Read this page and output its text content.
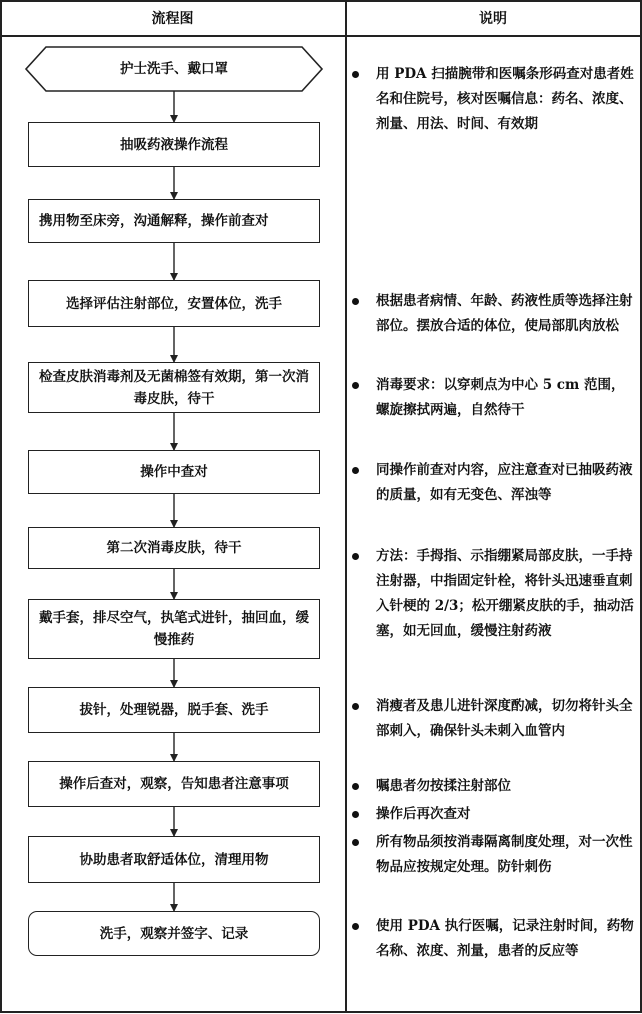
流程图	说明
护士洗手、戴口罩
抽吸药液操作流程
携用物至床旁，沟通解释，操作前查对
选择评估注射部位，安置体位，洗手
检查皮肤消毒剂及无菌棉签有效期，第一次消毒皮肤，待干
操作中查对
第二次消毒皮肤，待干
戴手套，排尽空气，执笔式进针，抽回血，缓慢推药
拔针，处理锐器，脱手套、洗手
操作后查对，观察，告知患者注意事项
协助患者取舒适体位，清理用物
洗手，观察并签字、记录
用 PDA 扫描腕带和医嘱条形码查对患者姓名和住院号，核对医嘱信息：药名、浓度、剂量、用法、时间、有效期
根据患者病情、年龄、药液性质等选择注射部位。摆放合适的体位，使局部肌肉放松
消毒要求：以穿刺点为中心 5 cm 范围，螺旋擦拭两遍，自然待干
同操作前查对内容，应注意查对已抽吸药液的质量，如有无变色、浑浊等
方法：手拇指、示指绷紧局部皮肤，一手持注射器，中指固定针栓，将针头迅速垂直刺入针梗的 2/3；松开绷紧皮肤的手，抽动活塞，如无回血，缓慢注射药液
消瘦者及患儿进针深度酌减，切勿将针头全部刺入，确保针头未刺入血管内
嘱患者勿按揉注射部位
操作后再次查对
所有物品须按消毒隔离制度处理，对一次性物品应按规定处理。防针刺伤
使用 PDA 执行医嘱，记录注射时间，药物名称、浓度、剂量，患者的反应等
